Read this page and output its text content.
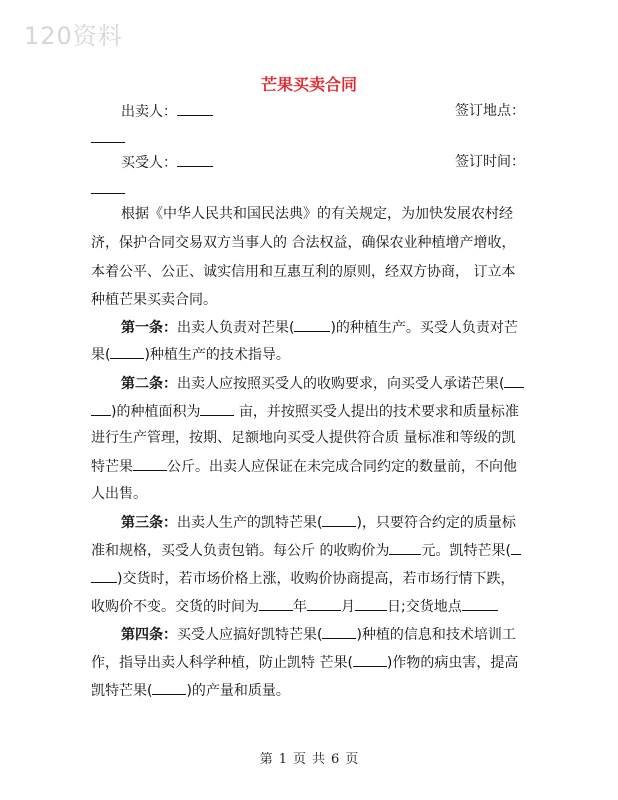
120资料
芒果买卖合同
出卖人：	签订地点：
买受人：	签订时间：
根据《中华人民共和国民法典》的有关规定，为加快发展农村经
济，保护合同交易双方当事人的 合法权益，确保农业种植增产增收，
本着公平、公正、诚实信用和互惠互利的原则，经双方协商， 订立本
种植芒果买卖合同。
第一条：出卖人负责对芒果(	)的种植生产。买受人负责对芒
果( )种植生产的技术指导。
第二条：出卖人应按照买受人的收购要求，向买受人承诺芒果(
)的种植面积为 亩，并按照买受人提出的技术要求和质量标准
进行生产管理，按期、足额地向买受人提供符合质 量标准和等级的凯
特芒果 公斤。出卖人应保证在未完成合同约定的数量前，不向他
人出售。
第三条：出卖人生产的凯特芒果( )，只要符合约定的质量标
准和规格，买受人负责包销。每公斤 的收购价为 元。凯特芒果(
)交货时，若市场价格上涨，收购价协商提高，若市场行情下跌，
收购价不变。交货的时间为 年 月 日;交货地点
第四条：买受人应搞好凯特芒果( )种植的信息和技术培训工
作，指导出卖人科学种植，防止凯特 芒果( )作物的病虫害，提高
凯特芒果( )的产量和质量。
第 1 页 共 6 页
